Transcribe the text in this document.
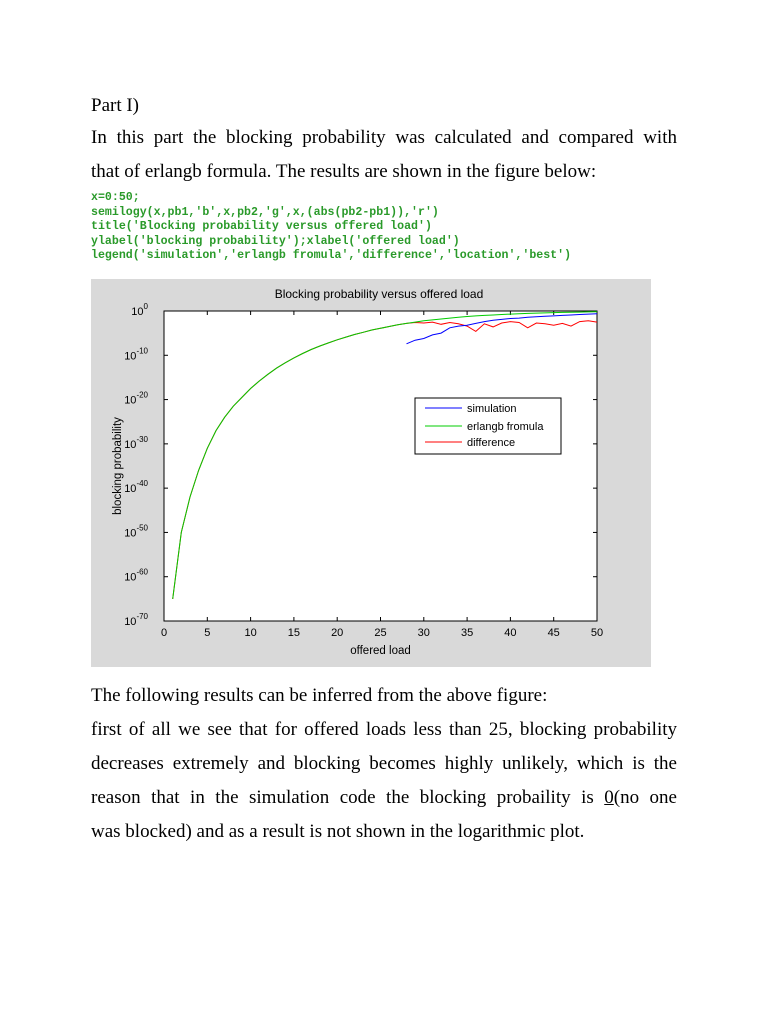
Part I)

In this part the blocking probability was calculated and compared with

that of erlangb formula. The results are shown in the figure below:

x=0:50;
semilogy(x,pb1,'b',x,pb2,'g',x,(abs(pb2-pb1)),'r')
title('Blocking probability versus offered load')
ylabel('blocking probability');xlabel('offered load')
legend('simulation','erlangb fromula','difference','location','best')
Blocking probability versus offered load
0	5	10	15	20	25	30	35	40	45	50
$10^0$
$10^{-10}$
$10^{-20}$
$10^{-30}$
$10^{-40}$
$10^{-50}$
$10^{-60}$
$10^{-70}$
offered load
blocking probability
simulation
erlangb fromula
difference

The following results can be inferred from the above figure:

first of all we see that for offered loads less than 25, blocking probability

decreases extremely and blocking becomes highly unlikely, which is the

reason that in the simulation code the blocking probaility is 0(no one

was blocked) and as a result is not shown in the logarithmic plot.
